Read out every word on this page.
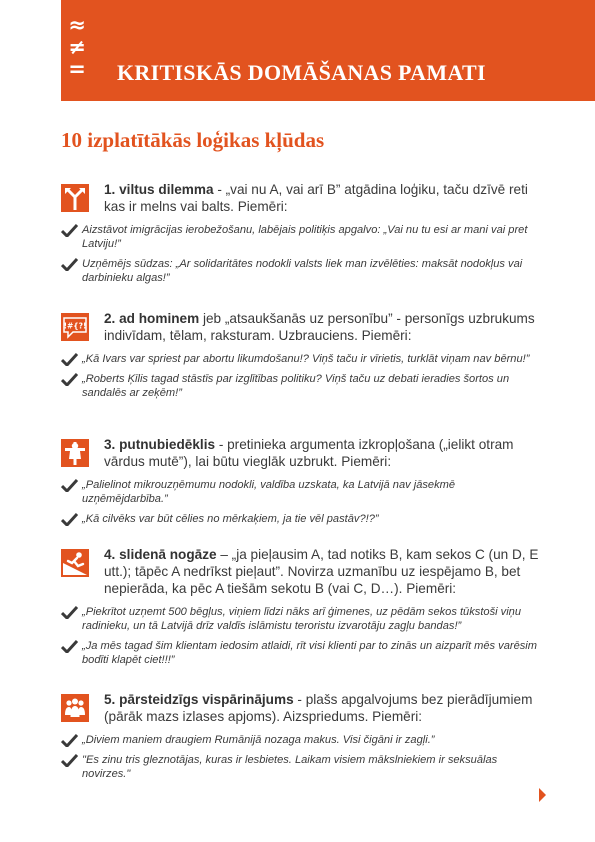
≈
≠
= KRITISKĀS DOMĀŠANAS PAMATI
10 izplatītākās loģikas kļūdas
1. viltus dilemma - „vai nu A, vai arī B” atgādina loģiku, taču dzīvē reti kas ir melns vai balts. Piemēri:
Aizstāvot imigrācijas ierobežošanu, labējais politiķis apgalvo: „Vai nu tu esi ar mani vai pret Latviju!”
Uzņēmējs sūdzas: „Ar solidaritātes nodokli valsts liek man izvēlēties: maksāt nodokļus vai darbinieku algas!”
!#{?! 2. ad hominem jeb „atsaukšanās uz personību” - personīgs uzbrukums indivīdam, tēlam, raksturam. Uzbrauciens. Piemēri:
„Kā Ivars var spriest par abortu likumdošanu!? Viņš taču ir vīrietis, turklāt viņam nav bērnu!”
„Roberts Ķīlis tagad stāstīs par izglītības politiku? Viņš taču uz debati ieradies šortos un sandalēs ar zeķēm!”
3. putnubiedēklis - pretinieka argumenta izkropļošana („ielikt otram vārdus mutē”), lai būtu vieglāk uzbrukt. Piemēri:
„Palielinot mikrouzņēmumu nodokli, valdība uzskata, ka Latvijā nav jāsekmē uzņēmējdarbība.”
„Kā cilvēks var būt cēlies no mērkaķiem, ja tie vēl pastāv?!?”
4. slidenā nogāze – „ja pieļausim A, tad notiks B, kam sekos C (un D, E utt.); tāpēc A nedrīkst pieļaut”. Novirza uzmanību uz iespējamo B, bet nepierāda, ka pēc A tiešām sekotu B (vai C, D…). Piemēri:
„Piekrītot uzņemt 500 bēgļus, viņiem līdzi nāks arī ģimenes, uz pēdām sekos tūkstoši viņu radinieku, un tā Latvijā drīz valdīs islāmistu teroristu izvarotāju zagļu bandas!”
„Ja mēs tagad šim klientam iedosim atlaidi, rīt visi klienti par to zinās un aizparīt mēs varēsim bodīti klapēt ciet!!!”
5. pārsteidzīgs vispārinājums - plašs apgalvojums bez pierādījumiem (pārāk mazs izlases apjoms). Aizspriedums. Piemēri:
„Diviem maniem draugiem Rumānijā nozaga makus. Visi čigāni ir zagļi.”
"Es zinu tris gleznotājas, kuras ir lesbietes. Laikam visiem mākslniekiem ir seksuālas novirzes."
